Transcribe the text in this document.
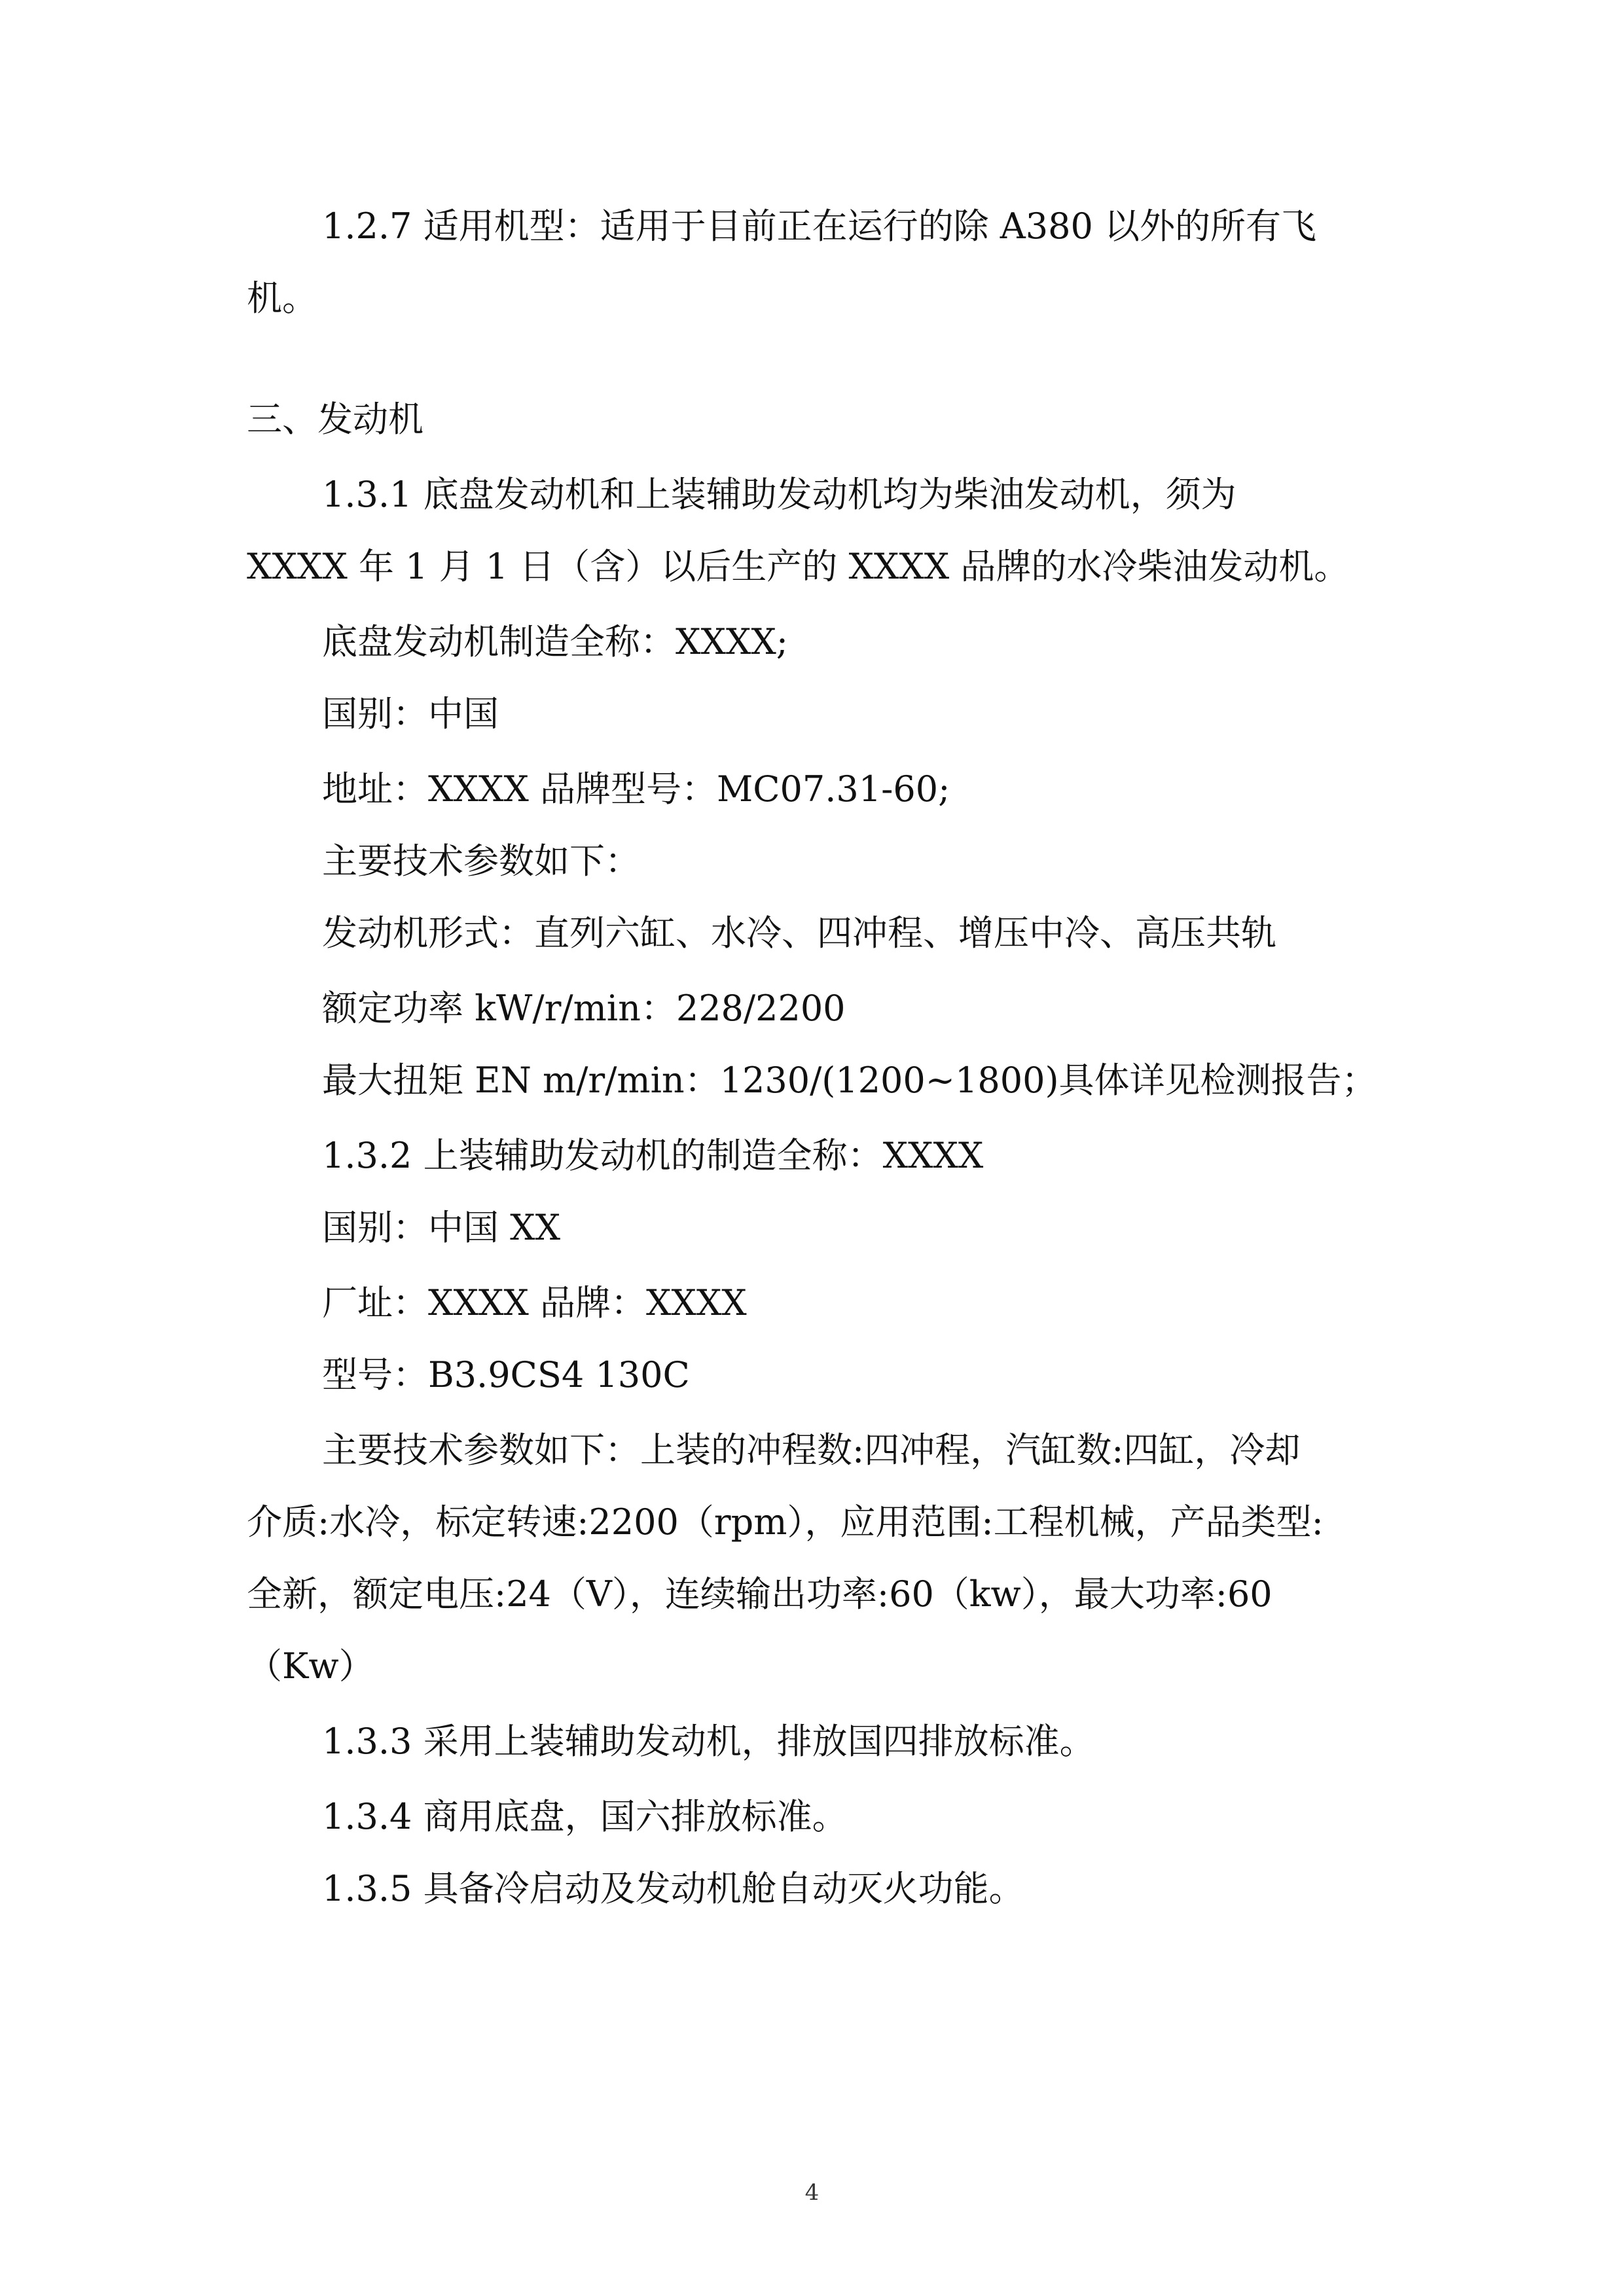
1.2.7 适用机型：适用于目前正在运行的除 A380 以外的所有飞
机。
三、发动机
1.3.1 底盘发动机和上装辅助发动机均为柴油发动机，须为
XXXX 年 1 月 1 日（含）以后生产的 XXXX 品牌的水冷柴油发动机。
底盘发动机制造全称：XXXX;
国别：中国
地址：XXXX 品牌型号：MC07.31-60;
主要技术参数如下：
发动机形式：直列六缸、水冷、四冲程、增压中冷、高压共轨
额定功率 kW/r/min：228/2200
最大扭矩 EN m/r/min：1230/(1200~1800)具体详见检测报告；
1.3.2 上装辅助发动机的制造全称：XXXX
国别：中国 XX
厂址：XXXX 品牌：XXXX
型号：B3.9CS4 130C
主要技术参数如下：上装的冲程数:四冲程，汽缸数:四缸，冷却
介质:水冷，标定转速:2200（rpm），应用范围:工程机械，产品类型:
全新，额定电压:24（V），连续输出功率:60（kw），最大功率:60
（Kw）
1.3.3 采用上装辅助发动机，排放国四排放标准。
1.3.4 商用底盘，国六排放标准。
1.3.5 具备冷启动及发动机舱自动灭火功能。
4
